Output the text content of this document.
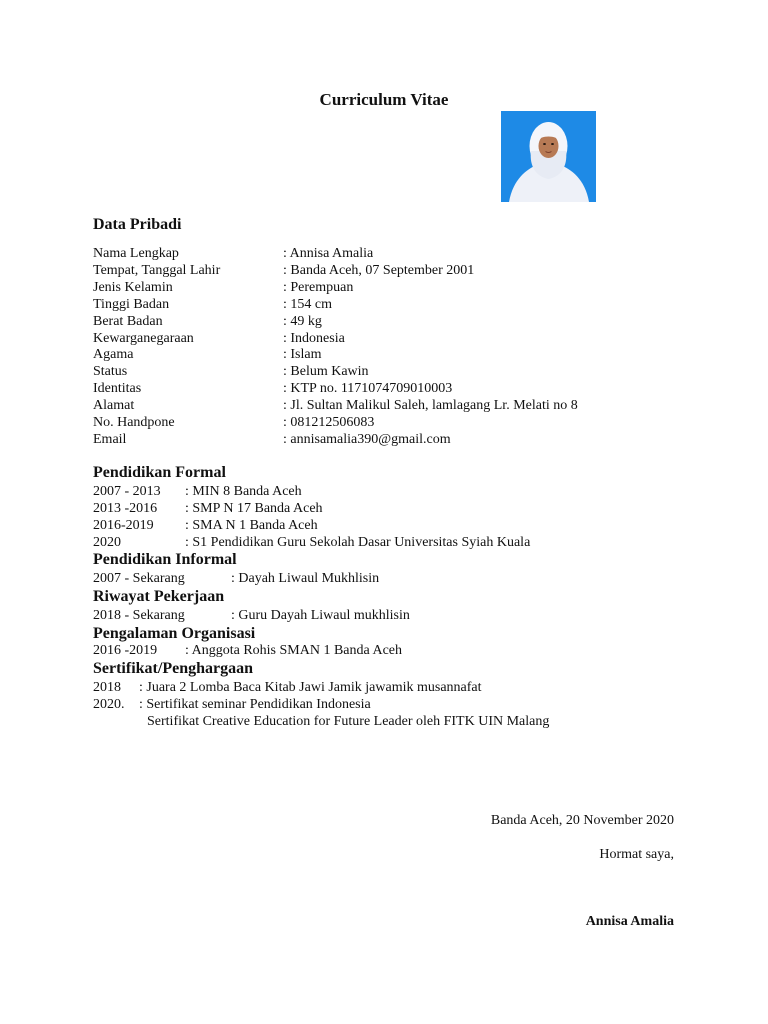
Curriculum Vitae
Data Pribadi
Nama Lengkap	: Annisa Amalia
Tempat, Tanggal Lahir	: Banda Aceh, 07 September 2001
Jenis Kelamin	: Perempuan
Tinggi Badan	: 154 cm
Berat Badan	: 49 kg
Kewarganegaraan	: Indonesia
Agama	: Islam
Status	: Belum Kawin
Identitas	: KTP no. 1171074709010003
Alamat	: Jl. Sultan Malikul Saleh, lamlagang Lr. Melati no 8
No. Handpone	: 081212506083
Email	: annisamalia390@gmail.com
Pendidikan Formal
2007 - 2013 : MIN 8 Banda Aceh
2013 -2016 : SMP N 17 Banda Aceh
2016-2019 : SMA N 1 Banda Aceh
2020	: S1 Pendidikan Guru Sekolah Dasar Universitas Syiah Kuala
Pendidikan Informal
2007 - Sekarang	: Dayah Liwaul Mukhlisin
Riwayat Pekerjaan
2018 - Sekarang	: Guru Dayah Liwaul mukhlisin
Pengalaman Organisasi
2016 -2019 : Anggota Rohis SMAN 1 Banda Aceh
Sertifikat/Penghargaan
2018 : Juara 2 Lomba Baca Kitab Jawi Jamik jawamik musannafat
2020. : Sertifikat seminar Pendidikan Indonesia
Sertifikat Creative Education for Future Leader oleh FITK UIN Malang
Banda Aceh, 20 November 2020
Hormat saya,
Annisa Amalia
